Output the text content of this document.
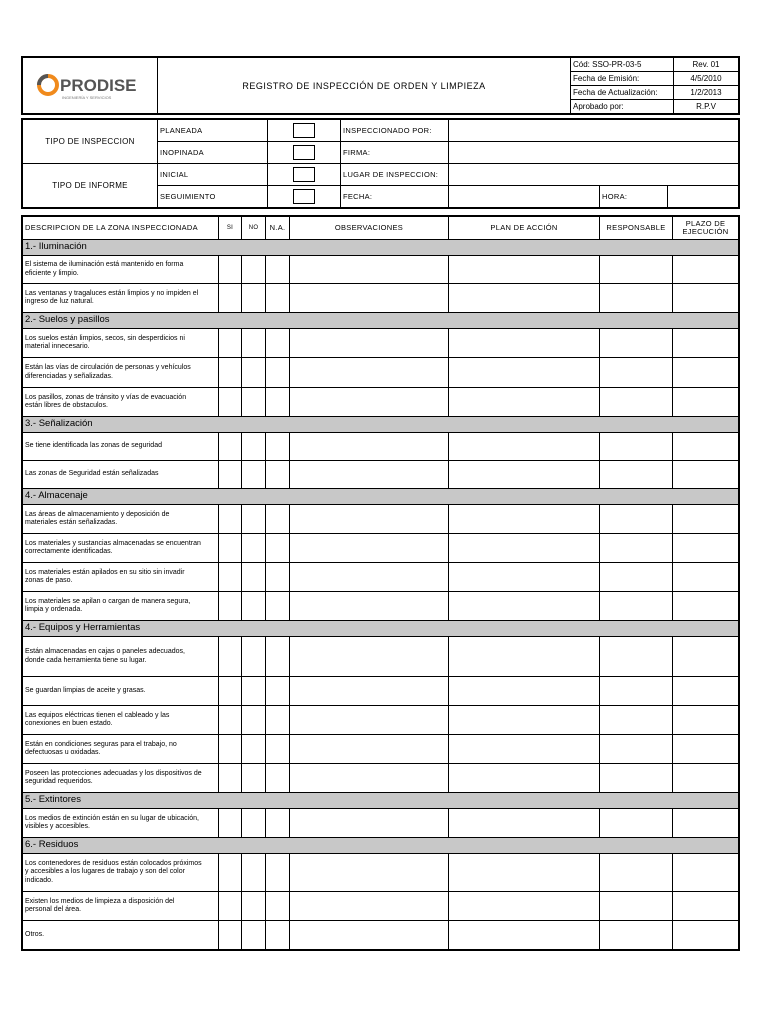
PRODISE
INGENIERÍA Y SERVICIOS	REGISTRO DE INSPECCIÓN DE ORDEN Y LIMPIEZA	Cód: SSO-PR-03-5	Rev. 01
		Fecha de Emisión:	4/5/2010
		Fecha de Actualización:	1/2/2013
		Aprobado por:	R.P.V
TIPO DE INSPECCION	PLANEADA		INSPECCIONADO POR:			
	INOPINADA		FIRMA:			
TIPO DE INFORME	INICIAL		LUGAR DE INSPECCION:			
	SEGUIMIENTO		FECHA:		HORA:	
DESCRIPCION DE LA ZONA INSPECCIONADA	SI	NO	N.A.	OBSERVACIONES	PLAN DE ACCIÓN	RESPONSABLE	PLAZO DE EJECUCIÓN
1.- Iluminación							
El sistema de iluminación está mantenido en forma eficiente y limpio.							
Las ventanas y tragaluces están limpios y no impiden el ingreso de luz natural.							
2.- Suelos y pasillos							
Los suelos están limpios, secos, sin desperdicios ni material innecesario.							
Están las vías de circulación de personas y vehículos diferenciadas y señalizadas.							
Los pasillos, zonas de tránsito y vías de evacuación están libres de obstaculos.							
3.- Señalización							
Se tiene identificada las zonas de seguridad							
Las zonas de Seguridad están señalizadas							
4.- Almacenaje							
Las áreas de almacenamiento y deposición de materiales están señalizadas.							
Los materiales y sustancias almacenadas se encuentran correctamente identificadas.							
Los materiales están apilados en su sitio sin invadir zonas de paso.							
Los materiales se apilan o cargan de manera segura, limpia y ordenada.							
4.- Equipos y Herramientas							
Están almacenadas en cajas o paneles adecuados, donde cada herramienta tiene su lugar.							
Se guardan limpias de aceite y grasas.							
Las equipos eléctricas tienen el cableado y las conexiones en buen estado.							
Están en condiciones seguras para el trabajo, no defectuosas u oxidadas.							
Poseen las protecciones adecuadas y los dispositivos de seguridad requeridos.							
5.- Extintores							
Los medios de extinción están en su lugar de ubicación, visibles y accesibles.							
6.- Residuos							
Los contenedores de residuos están colocados próximos y accesibles a los lugares de trabajo y son del color indicado.							
Existen los medios de limpieza a disposición del personal del área.							
Otros.							
